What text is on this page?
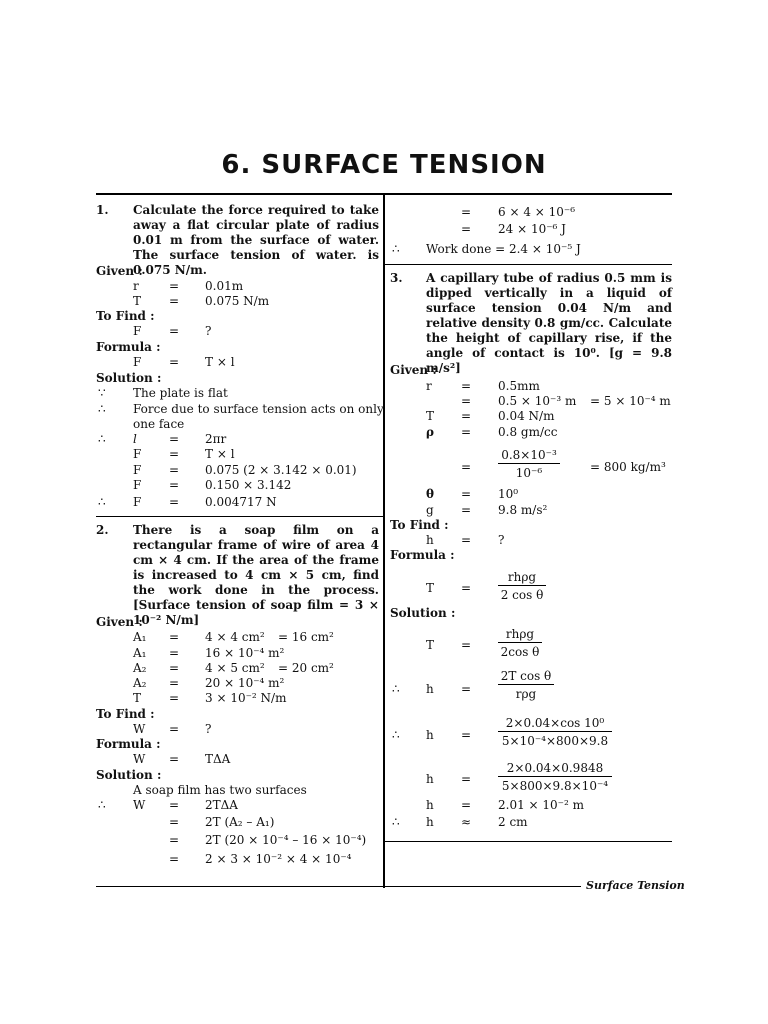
6. SURFACE TENSION
1. Calculate the force required to take away a flat circular plate of radius 0.01 m from the surface of water. The surface tension of water. is 0.075 N/m.
Given :
r	= 0.01m
T = 0.075 N/m
To Find :
F = ?
Formula :
F = T × l
Solution :
∵ The plate is flat
∴ Force due to surface tension acts on only
one face
∴ l	= 2πr
F = T × l
F = 0.075 (2 × 3.142 × 0.01)
F = 0.150 × 3.142
∴ F = 0.004717 N
2. There is a soap film on a rectangular frame of wire of area 4 cm × 4 cm. If the area of the frame is increased to 4 cm × 5 cm, find the work done in the process. [Surface tension of soap film = 3 × 10⁻² N/m]
Given :
A₁ = 4 × 4 cm² = 16 cm²
A₁ = 16 × 10⁻⁴ m²
A₂ = 4 × 5 cm² = 20 cm²
A₂ = 20 × 10⁻⁴ m²
T = 3 × 10⁻² N/m
To Find :
W = ?
Formula :
W = TΔA
Solution :
A soap film has two surfaces
∴ W = 2TΔA
= 2T (A₂ – A₁)
= 2T (20 × 10⁻⁴ – 16 × 10⁻⁴)
= 2 × 3 × 10⁻² × 4 × 10⁻⁴
= 6 × 4 × 10⁻⁶
= 24 × 10⁻⁶ J
∴ Work done = 2.4 × 10⁻⁵ J
3. A capillary tube of radius 0.5 mm is dipped vertically in a liquid of surface tension 0.04 N/m and relative density 0.8 gm/cc. Calculate the height of capillary rise, if the angle of contact is 10⁰. [g = 9.8 m/s²]
Given :
r = 0.5mm
= 0.5 × 10⁻³ m = 5 × 10⁻⁴ m
T = 0.04 N/m
ρ = 0.8 gm/cc
= $\frac{\text{0.8×10⁻³}}{\text{10⁻⁶}}$	= 800 kg/m³
θ = 10⁰
g = 9.8 m/s²
To Find :
h = ?
Formula :
T =
rhρg
2 cos θ
Solution :
T =
rhρg
2cos θ
∴ h =
2T cos θ
rρg
∴ $h = \frac{\text{2×0.04×cos 10⁰}}{\text{5×10⁻⁴×800×9.8}}$
$h = \frac{2\times 0.04\times 0.9848}{\text{5×800×9.8×10⁻⁴}}$
h = 2.01 × 10⁻² m
∴ h ≈ 2 cm
Surface Tension
